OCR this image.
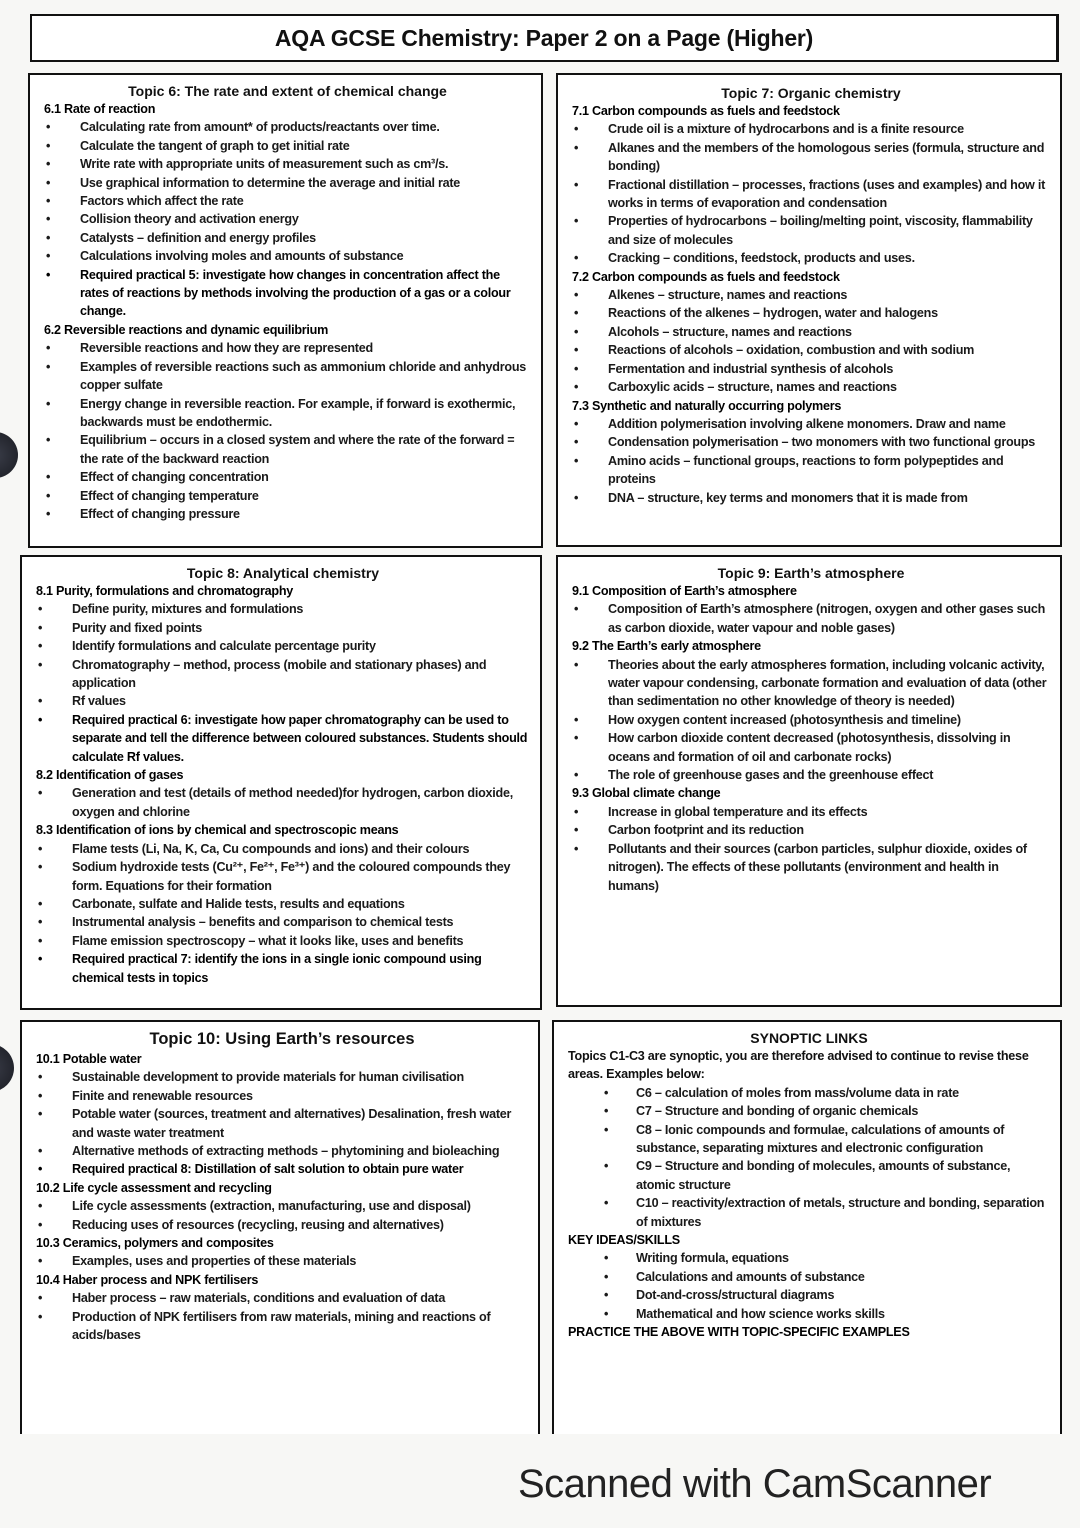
AQA GCSE Chemistry: Paper 2 on a Page (Higher)
Topic 6: The rate and extent of chemical change
6.1 Rate of reaction
• Calculating rate from amount* of products/reactants over time.
• Calculate the tangent of graph to get initial rate
• Write rate with appropriate units of measurement such as cm³/s.
• Use graphical information to determine the average and initial rate
• Factors which affect the rate
• Collision theory and activation energy
• Catalysts – definition and energy profiles
• Calculations involving moles and amounts of substance
• Required practical 5: investigate how changes in concentration affect the rates of reactions by methods involving the production of a gas or a colour change.
6.2 Reversible reactions and dynamic equilibrium
• Reversible reactions and how they are represented
• Examples of reversible reactions such as ammonium chloride and anhydrous copper sulfate
• Energy change in reversible reaction. For example, if forward is exothermic, backwards must be endothermic.
• Equilibrium – occurs in a closed system and where the rate of the forward = the rate of the backward reaction
• Effect of changing concentration
• Effect of changing temperature
• Effect of changing pressure
Topic 7: Organic chemistry
7.1 Carbon compounds as fuels and feedstock
• Crude oil is a mixture of hydrocarbons and is a finite resource
• Alkanes and the members of the homologous series (formula, structure and bonding)
• Fractional distillation – processes, fractions (uses and examples) and how it works in terms of evaporation and condensation
• Properties of hydrocarbons – boiling/melting point, viscosity, flammability and size of molecules
• Cracking – conditions, feedstock, products and uses.
7.2 Carbon compounds as fuels and feedstock
• Alkenes – structure, names and reactions
• Reactions of the alkenes – hydrogen, water and halogens
• Alcohols – structure, names and reactions
• Reactions of alcohols – oxidation, combustion and with sodium
• Fermentation and industrial synthesis of alcohols
• Carboxylic acids – structure, names and reactions
7.3 Synthetic and naturally occurring polymers
• Addition polymerisation involving alkene monomers. Draw and name
• Condensation polymerisation – two monomers with two functional groups
• Amino acids – functional groups, reactions to form polypeptides and proteins
• DNA – structure, key terms and monomers that it is made from
Topic 8: Analytical chemistry
8.1 Purity, formulations and chromatography
• Define purity, mixtures and formulations
• Purity and fixed points
• Identify formulations and calculate percentage purity
• Chromatography – method, process (mobile and stationary phases) and application
• Rf values
• Required practical 6: investigate how paper chromatography can be used to separate and tell the difference between coloured substances. Students should calculate Rf values.
8.2 Identification of gases
• Generation and test (details of method needed)for hydrogen, carbon dioxide, oxygen and chlorine
8.3 Identification of ions by chemical and spectroscopic means
• Flame tests (Li, Na, K, Ca, Cu compounds and ions) and their colours
• Sodium hydroxide tests (Cu²⁺, Fe²⁺, Fe³⁺) and the coloured compounds they form. Equations for their formation
• Carbonate, sulfate and Halide tests, results and equations
• Instrumental analysis – benefits and comparison to chemical tests
• Flame emission spectroscopy – what it looks like, uses and benefits
• Required practical 7: identify the ions in a single ionic compound using chemical tests in topics
Topic 9: Earth’s atmosphere
9.1 Composition of Earth’s atmosphere
• Composition of Earth’s atmosphere (nitrogen, oxygen and other gases such as carbon dioxide, water vapour and noble gases)
9.2 The Earth’s early atmosphere
• Theories about the early atmospheres formation, including volcanic activity, water vapour condensing, carbonate formation and evaluation of data (other than sedimentation no other knowledge of theory is needed)
• How oxygen content increased (photosynthesis and timeline)
• How carbon dioxide content decreased (photosynthesis, dissolving in oceans and formation of oil and carbonate rocks)
• The role of greenhouse gases and the greenhouse effect
9.3 Global climate change
• Increase in global temperature and its effects
• Carbon footprint and its reduction
• Pollutants and their sources (carbon particles, sulphur dioxide, oxides of nitrogen). The effects of these pollutants (environment and health in humans)
Topic 10: Using Earth’s resources
10.1 Potable water
• Sustainable development to provide materials for human civilisation
• Finite and renewable resources
• Potable water (sources, treatment and alternatives) Desalination, fresh water and waste water treatment
• Alternative methods of extracting methods – phytomining and bioleaching
• Required practical 8: Distillation of salt solution to obtain pure water
10.2 Life cycle assessment and recycling
• Life cycle assessments (extraction, manufacturing, use and disposal)
• Reducing uses of resources (recycling, reusing and alternatives)
10.3 Ceramics, polymers and composites
• Examples, uses and properties of these materials
10.4 Haber process and NPK fertilisers
• Haber process – raw materials, conditions and evaluation of data
• Production of NPK fertilisers from raw materials, mining and reactions of acids/bases
SYNOPTIC LINKS
Topics C1-C3 are synoptic, you are therefore advised to continue to revise these areas. Examples below:
• C6 – calculation of moles from mass/volume data in rate
• C7 – Structure and bonding of organic chemicals
• C8 – Ionic compounds and formulae, calculations of amounts of substance, separating mixtures and electronic configuration
• C9 – Structure and bonding of molecules, amounts of substance, atomic structure
• C10 – reactivity/extraction of metals, structure and bonding, separation of mixtures
KEY IDEAS/SKILLS
• Writing formula, equations
• Calculations and amounts of substance
• Dot-and-cross/structural diagrams
• Mathematical and how science works skills
PRACTICE THE ABOVE WITH TOPIC-SPECIFIC EXAMPLES
Scanned with CamScanner
